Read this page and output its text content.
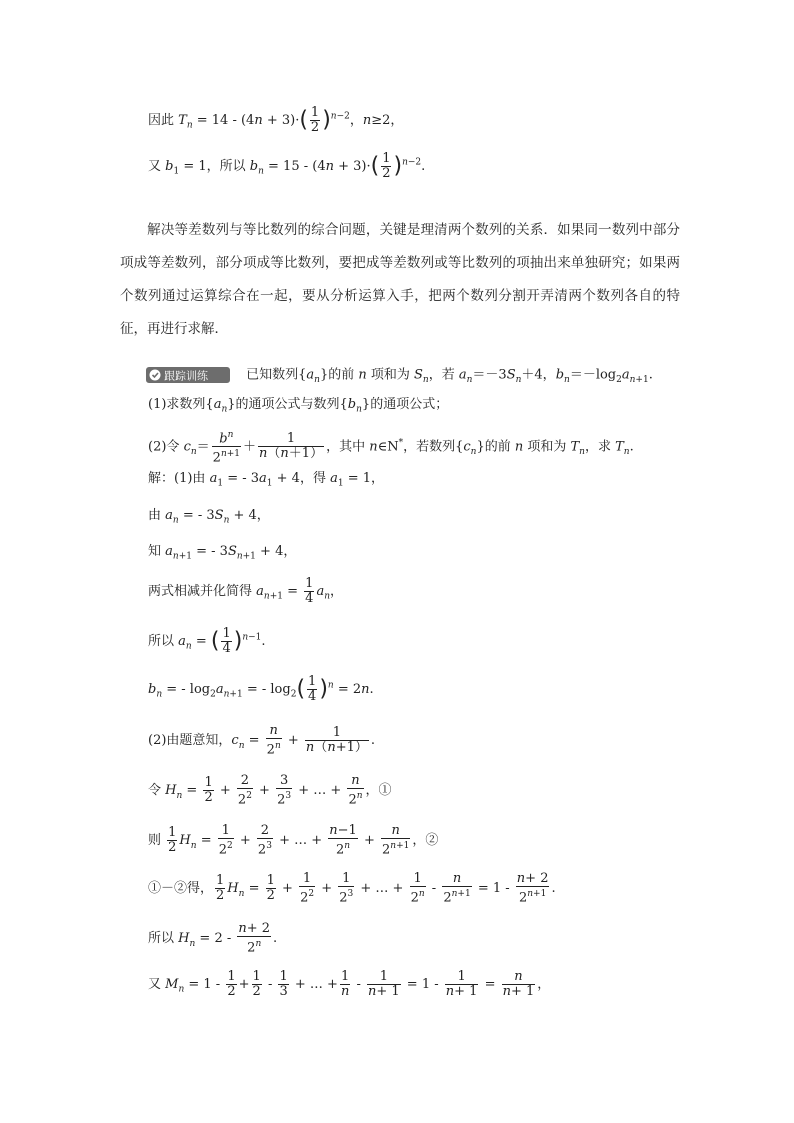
因此 $T_n = 14 - (4n + 3)\cdot( \frac{1}{2} )^{n-2}$，n≥2，
又 $b_1 = 1$，所以 $b_n = 15 - (4n + 3)\cdot( \frac{1}{2} )^{n-2}$.
解决等差数列与等比数列的综合问题，关键是理清两个数列的关系．如果同一数列中部分项成等差数列，部分项成等比数列，要把成等差数列或等比数列的项抽出来单独研究；如果两个数列通过运算综合在一起，要从分析运算入手，把两个数列分割开弄清两个数列各自的特征，再进行求解．
跟踪训练	已知数列$\{a_n\}$的前 n 项和为 $S_n$，若 $a_n=-3S_n+4$，$b_n=-\log_2a_{n+1}$.
(1)求数列$\{a_n\}$的通项公式与数列$\{b_n\}$的通项公式；
(2)令 $c_n= \frac{b^n}{2^{n+1}} + \frac{1}{n(n+1)}$ ，其中 n∈N*，若数列$\{c_n\}$的前 n 项和为 $T_n$，求 $T_n$.
解：(1)由 $a_1$ = - $3a_1 + 4$，得 $a_1 = 1$，
由 $a_n$ = - $3S_n + 4$，
知 $a_{n+1}$ = - $3S_{n+1} + 4$，
两式相减并化简得 $a_{n+1} = \frac{1}{4} a_n$，
所以 $a_n$ = ( $\frac{1}{4} )^{n-1}$.
$b_n$ = - $\log_2a_{n+1}$ = - $\log_2( \frac{1}{4} )^n = 2n$.
(2)由题意知，$c_n = \frac{n}{2^n} + \frac{1}{n(n+1)}$ .
令 $H_n = \frac{1}{2} + \frac{2}{2^2} + \frac{3}{2^3}$ + … + $\frac{n}{2^n}$ ，①
则 $\frac{1}{2} H_n = \frac{1}{2^2} + \frac{2}{2^3}$ + … + $\frac{n-1}{2^n} + \frac{n}{2^{n+1}}$ ，②
①－②得， $\frac{1}{2} H_n = \frac{1}{2} + \frac{1}{2^2} + \frac{1}{2^3}$ + … + $\frac{1}{2^n} - \frac{n}{2^{n+1}} = 1 - \frac{n+ 2}{2^{n+1}}$ .
所以 $H_n = 2 - \frac{n+ 2}{2^n}$ .
又 $M_n = 1 - \frac{1}{2} + \frac{1}{2} - \frac{1}{3}$ + … + $\frac{1}{n} - \frac{1}{n+ 1} = 1 - \frac{1}{n+ 1} = \frac{n}{n+ 1}$ ，
